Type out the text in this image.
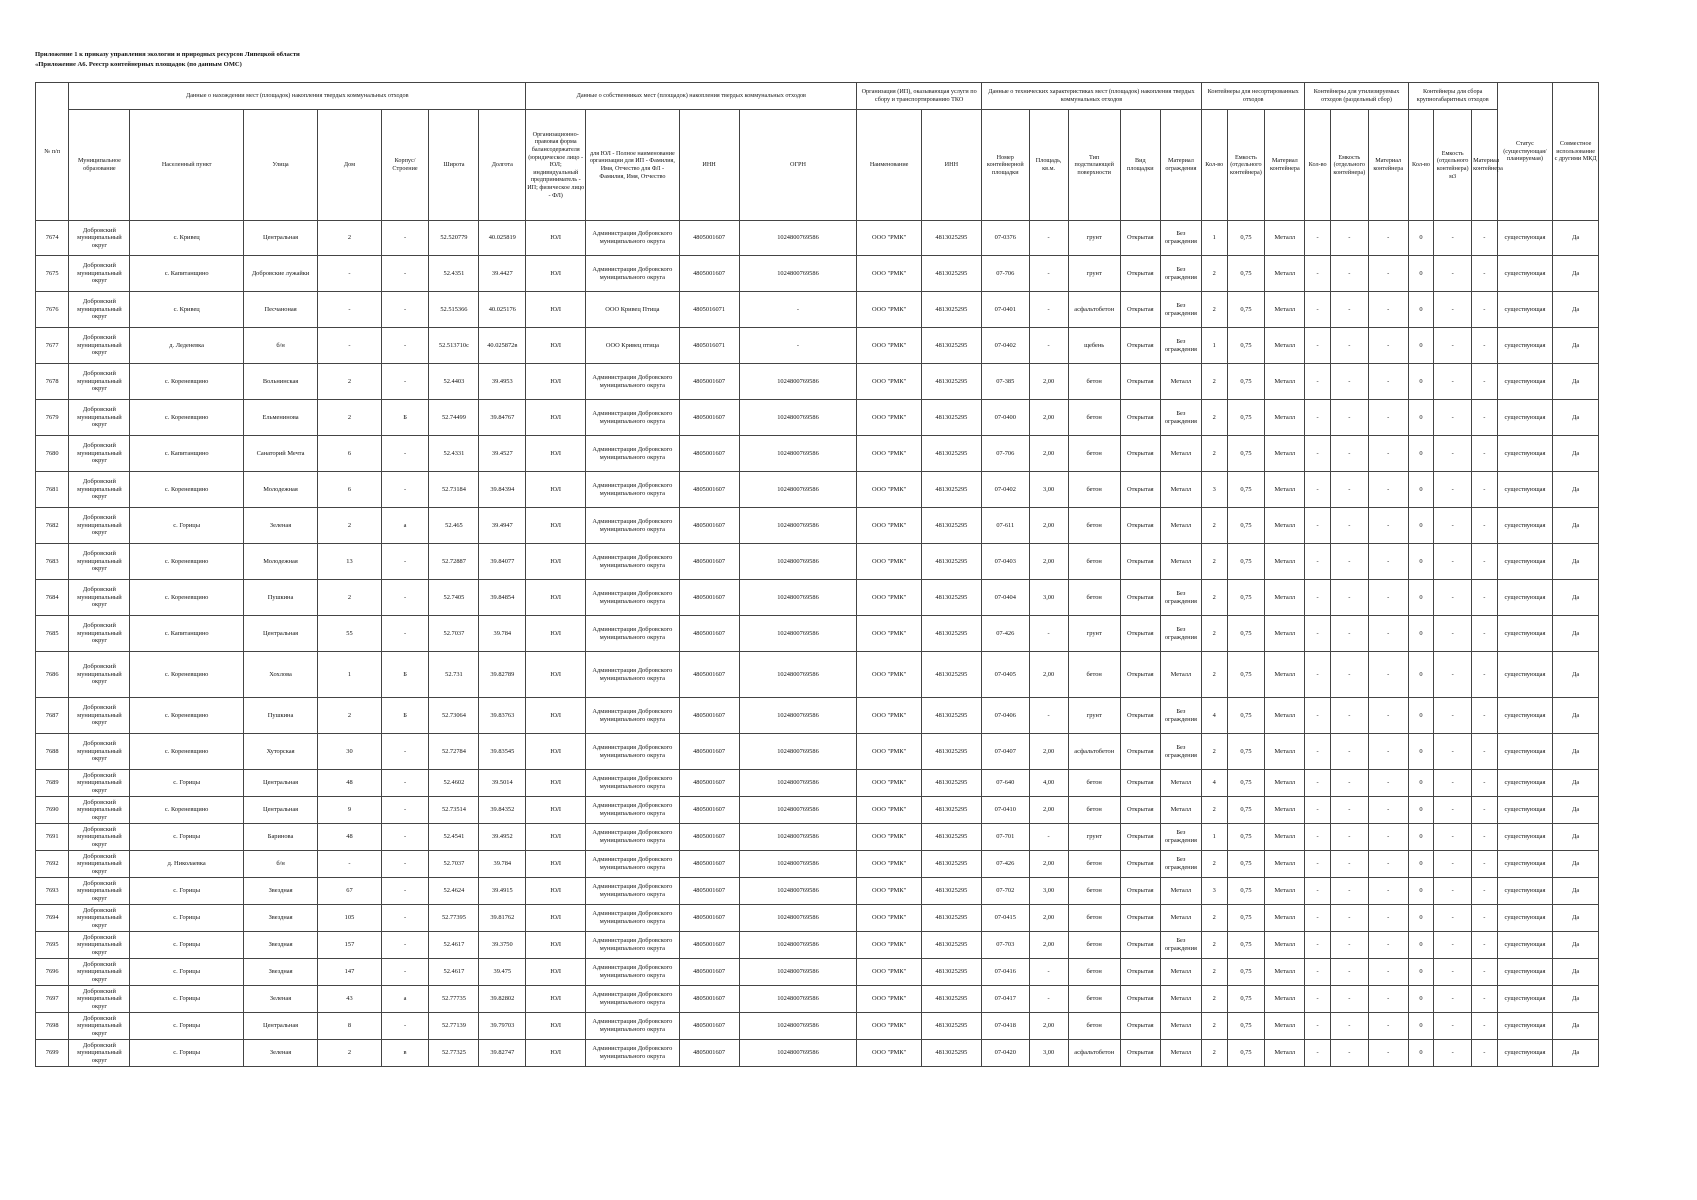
Приложение 1 к приказу управления экологии и природных ресурсов Липецкой области
«Приложение А6. Реестр контейнерных площадок (по данным ОМС)
№ п/п	Данные о нахождении мест (площадок) накопления твердых коммунальных отходов							Данные о собственниках мест (площадок) накопления твердых коммунальных отходов				Организация (ИП), оказывающая услуги по сбору и транспортированию ТКО		Данные о технических характеристиках мест (площадок) накопления твердых коммунальных отходов					Контейнеры для несортированных отходов			Контейнеры для утилизируемых отходов (раздельный сбор)			Контейнеры для сбора крупногабаритных отходов			Статус (существующая/ планируемая)	Совместное использование с другими МКД
	Муниципальное образование	Населенный пункт	Улица	Дом	Корпус/Строение	Широта	Долгота	Организационно-правовая форма балансодержателя (юридическое лицо - ЮЛ; индивидуальный предприниматель - ИП; физическое лицо - ФЛ)	для ЮЛ - Полное наименование организации для ИП - Фамилия, Имя, Отчество для ФЛ - Фамилия, Имя, Отчество	ИНН	ОГРН	Наименование	ИНН	Номер контейнерной площадки	Площадь, кв.м.	Тип подстилающей поверхности	Вид площадки	Материал ограждения	Кол-во	Емкость (отдельного контейнера)	Материал контейнера	Кол-во	Емкость (отдельного контейнера)	Материал контейнера	Кол-во	Емкость (отдельного контейнера) м3	Материал контейнера		
7674	Добровский муниципальный округ	с. Кривец	Центральная	2	-	52.520779	40.025819	ЮЛ	Администрация Добровского муниципального округа	4805001607	1024800769586	ООО "РМК"	4813025295	07-0376	-	грунт	Открытая	Без ограждения	1	0,75	Металл	-	-	-	0	-	-	существующая	Да
7675	Добровский муниципальный округ	с. Капитанщино	Добровские лужайки	-	-	52.4351	39.4427	ЮЛ	Администрация Добровского муниципального округа	4805001607	1024800769586	ООО "РМК"	4813025295	07-706	-	грунт	Открытая	Без ограждения	2	0,75	Металл	-	-	-	0	-	-	существующая	Да
7676	Добровский муниципальный округ	с. Кривец	Песчаноная	-	-	52.515366	40.025176	ЮЛ	ООО Кривец Птица	4805016071	-	ООО "РМК"	4813025295	07-0401	-	асфальтобетон	Открытая	Без ограждения	2	0,75	Металл	-	-	-	0	-	-	существующая	Да
7677	Добровский муниципальный округ	д. Леденевка	б/н	-	-	52.513710с	40.025872в	ЮЛ	ООО Кривец птица	4805016071	-	ООО "РМК"	4813025295	07-0402	-	щебень	Открытая	Без ограждения	1	0,75	Металл	-	-	-	0	-	-	существующая	Да
7678	Добровский муниципальный округ	с. Кореневщино	Вольнинская	2	-	52.4403	39.4953	ЮЛ	Администрация Добровского муниципального округа	4805001607	1024800769586	ООО "РМК"	4813025295	07-385	2,00	бетон	Открытая	Металл	2	0,75	Металл	-	-	-	0	-	-	существующая	Да
7679	Добровский муниципальный округ	с. Кореневщино	Ельменинова	2	Б	52.74499	39.84767	ЮЛ	Администрация Добровского муниципального округа	4805001607	1024800769586	ООО "РМК"	4813025295	07-0400	2,00	бетон	Открытая	Без ограждения	2	0,75	Металл	-	-	-	0	-	-	существующая	Да
7680	Добровский муниципальный округ	с. Капитанщино	Санаторий Мечта	6	-	52.4331	39.4527	ЮЛ	Администрация Добровского муниципального округа	4805001607	1024800769586	ООО "РМК"	4813025295	07-706	2,00	бетон	Открытая	Металл	2	0,75	Металл	-	-	-	0	-	-	существующая	Да
7681	Добровский муниципальный округ	с. Кореневщино	Молодежная	6	-	52.73184	39.84394	ЮЛ	Администрация Добровского муниципального округа	4805001607	1024800769586	ООО "РМК"	4813025295	07-0402	3,00	бетон	Открытая	Металл	3	0,75	Металл	-	-	-	0	-	-	существующая	Да
7682	Добровский муниципальный округ	с. Горицы	Зеленая	2	а	52.465	39.4947	ЮЛ	Администрация Добровского муниципального округа	4805001607	1024800769586	ООО "РМК"	4813025295	07-611	2,00	бетон	Открытая	Металл	2	0,75	Металл	-	-	-	0	-	-	существующая	Да
7683	Добровский муниципальный округ	с. Кореневщино	Молодежная	13	-	52.72887	39.84077	ЮЛ	Администрация Добровского муниципального округа	4805001607	1024800769586	ООО "РМК"	4813025295	07-0403	2,00	бетон	Открытая	Металл	2	0,75	Металл	-	-	-	0	-	-	существующая	Да
7684	Добровский муниципальный округ	с. Кореневщино	Пушкина	2	-	52.7405	39.84854	ЮЛ	Администрация Добровского муниципального округа	4805001607	1024800769586	ООО "РМК"	4813025295	07-0404	3,00	бетон	Открытая	Без ограждения	2	0,75	Металл	-	-	-	0	-	-	существующая	Да
7685	Добровский муниципальный округ	с. Капитанщино	Центральная	55	-	52.7037	39.784	ЮЛ	Администрация Добровского муниципального округа	4805001607	1024800769586	ООО "РМК"	4813025295	07-426	-	грунт	Открытая	Без ограждения	2	0,75	Металл	-	-	-	0	-	-	существующая	Да
7686	Добровский муниципальный округ	с. Кореневщино	Хохлова	1	Б	52.731	39.82789	ЮЛ	Администрация Добровского муниципального округа	4805001607	1024800769586	ООО "РМК"	4813025295	07-0405	2,00	бетон	Открытая	Металл	2	0,75	Металл	-	-	-	0	-	-	существующая	Да
7687	Добровский муниципальный округ	с. Кореневщино	Пушкина	2	Б	52.73064	39.83763	ЮЛ	Администрация Добровского муниципального округа	4805001607	1024800769586	ООО "РМК"	4813025295	07-0406	-	грунт	Открытая	Без ограждения	4	0,75	Металл	-	-	-	0	-	-	существующая	Да
7688	Добровский муниципальный округ	с. Кореневщино	Хуторская	30	-	52.72784	39.83545	ЮЛ	Администрация Добровского муниципального округа	4805001607	1024800769586	ООО "РМК"	4813025295	07-0407	2,00	асфальтобетон	Открытая	Без ограждения	2	0,75	Металл	-	-	-	0	-	-	существующая	Да
7689	Добровский муниципальный округ	с. Горицы	Центральная	48	-	52.4602	39.5014	ЮЛ	Администрация Добровского муниципального округа	4805001607	1024800769586	ООО "РМК"	4813025295	07-640	4,00	бетон	Открытая	Металл	4	0,75	Металл	-	-	-	0	-	-	существующая	Да
7690	Добровский муниципальный округ	с. Кореневщино	Центральная	9	-	52.73514	39.84352	ЮЛ	Администрация Добровского муниципального округа	4805001607	1024800769586	ООО "РМК"	4813025295	07-0410	2,00	бетон	Открытая	Металл	2	0,75	Металл	-	-	-	0	-	-	существующая	Да
7691	Добровский муниципальный округ	с. Горицы	Баринова	48	-	52.4541	39.4952	ЮЛ	Администрация Добровского муниципального округа	4805001607	1024800769586	ООО "РМК"	4813025295	07-701	-	грунт	Открытая	Без ограждения	1	0,75	Металл	-	-	-	0	-	-	существующая	Да
7692	Добровский муниципальный округ	д. Николаевка	б/н	-	-	52.7037	39.784	ЮЛ	Администрация Добровского муниципального округа	4805001607	1024800769586	ООО "РМК"	4813025295	07-426	2,00	бетон	Открытая	Без ограждения	2	0,75	Металл	-	-	-	0	-	-	существующая	Да
7693	Добровский муниципальный округ	с. Горицы	Звездная	67	-	52.4624	39.4915	ЮЛ	Администрация Добровского муниципального округа	4805001607	1024800769586	ООО "РМК"	4813025295	07-702	3,00	бетон	Открытая	Металл	3	0,75	Металл	-	-	-	0	-	-	существующая	Да
7694	Добровский муниципальный округ	с. Горицы	Звездная	105	-	52.77395	39.81762	ЮЛ	Администрация Добровского муниципального округа	4805001607	1024800769586	ООО "РМК"	4813025295	07-0415	2,00	бетон	Открытая	Металл	2	0,75	Металл	-	-	-	0	-	-	существующая	Да
7695	Добровский муниципальный округ	с. Горицы	Звездная	157	-	52.4617	39.3750	ЮЛ	Администрация Добровского муниципального округа	4805001607	1024800769586	ООО "РМК"	4813025295	07-703	2,00	бетон	Открытая	Без ограждения	2	0,75	Металл	-	-	-	0	-	-	существующая	Да
7696	Добровский муниципальный округ	с. Горицы	Звездная	147	-	52.4617	39.475	ЮЛ	Администрация Добровского муниципального округа	4805001607	1024800769586	ООО "РМК"	4813025295	07-0416	-	бетон	Открытая	Металл	2	0,75	Металл	-	-	-	0	-	-	существующая	Да
7697	Добровский муниципальный округ	с. Горицы	Зеленая	43	а	52.77735	39.82802	ЮЛ	Администрация Добровского муниципального округа	4805001607	1024800769586	ООО "РМК"	4813025295	07-0417	-	бетон	Открытая	Металл	2	0,75	Металл	-	-	-	0	-	-	существующая	Да
7698	Добровский муниципальный округ	с. Горицы	Центральная	8	-	52.77139	39.79703	ЮЛ	Администрация Добровского муниципального округа	4805001607	1024800769586	ООО "РМК"	4813025295	07-0418	2,00	бетон	Открытая	Металл	2	0,75	Металл	-	-	-	0	-	-	существующая	Да
7699	Добровский муниципальный округ	с. Горицы	Зеленая	2	в	52.77325	39.82747	ЮЛ	Администрация Добровского муниципального округа	4805001607	1024800769586	ООО "РМК"	4813025295	07-0420	3,00	асфальтобетон	Открытая	Металл	2	0,75	Металл	-	-	-	0	-	-	существующая	Да
